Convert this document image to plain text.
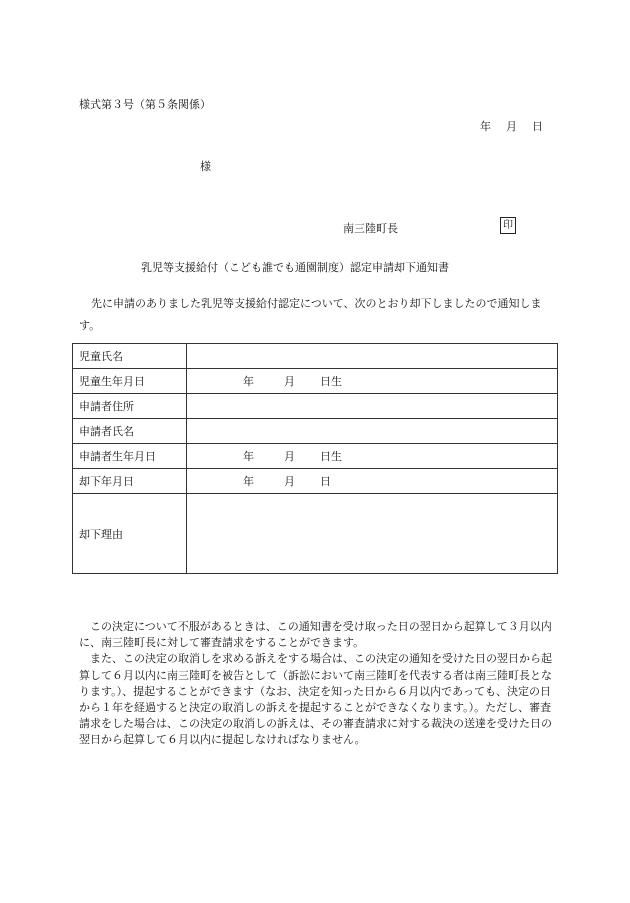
様式第３号（第５条関係）
年 月 日
様
南三陸町長	印
乳児等支援給付（こども誰でも通園制度）認定申請却下通知書
先に申請のありました乳児等支援給付認定について、次のとおり却下しましたので通知します。
児童氏名	
児童生年月日	年 月 日生
申請者住所	
申請者氏名	
申請者生年月日	年 月 日生
却下年月日	年 月 日
却下理由	

この決定について不服があるときは、この通知書を受け取った日の翌日から起算して３月以内に、南三陸町長に対して審査請求をすることができます。

また、この決定の取消しを求める訴えをする場合は、この決定の通知を受けた日の翌日から起算して６月以内に南三陸町を被告として（訴訟において南三陸町を代表する者は南三陸町長となります。）、提起することができます（なお、決定を知った日から６月以内であっても、決定の日から１年を経過すると決定の取消しの訴えを提起することができなくなります。）。ただし、審査請求をした場合は、この決定の取消しの訴えは、その審査請求に対する裁決の送達を受けた日の翌日から起算して６月以内に提起しなければなりません。
